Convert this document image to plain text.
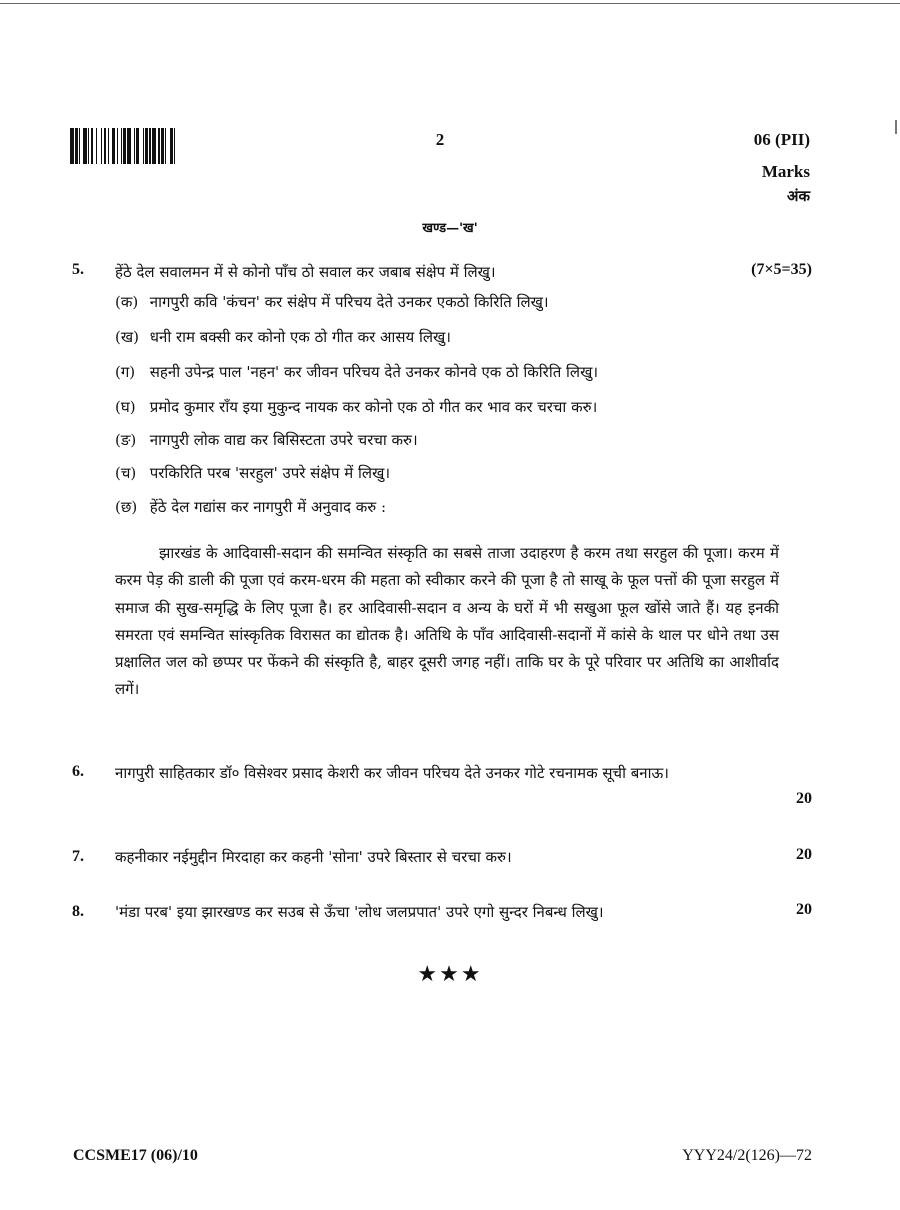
2	06 (PII)
Marks
अंक
खण्ड—'ख'
5. हेंठे देल सवालमन में से कोनो पाँच ठो सवाल कर जबाब संक्षेप में लिखु।	(7×5=35)
(क) नागपुरी कवि 'कंचन' कर संक्षेप में परिचय देते उनकर एकठो किरिति लिखु।
(ख) धनी राम बक्सी कर कोनो एक ठो गीत कर आसय लिखु।
(ग) सहनी उपेन्द्र पाल 'नहन' कर जीवन परिचय देते उनकर कोनवे एक ठो किरिति लिखु।
(घ) प्रमोद कुमार राँय इया मुकुन्द नायक कर कोनो एक ठो गीत कर भाव कर चरचा करु।
(ङ) नागपुरी लोक वाद्य कर बिसिस्टता उपरे चरचा करु।
(च) परकिरिति परब 'सरहुल' उपरे संक्षेप में लिखु।
(छ) हेंठे देल गद्यांस कर नागपुरी में अनुवाद करु :
झारखंड के आदिवासी-सदान की समन्वित संस्कृति का सबसे ताजा उदाहरण है करम तथा सरहुल की पूजा। करम में करम पेड़ की डाली की पूजा एवं करम-धरम की महता को स्वीकार करने की पूजा है तो साखू के फूल पत्तों की पूजा सरहुल में समाज की सुख-समृद्धि के लिए पूजा है। हर आदिवासी-सदान व अन्य के घरों में भी सखुआ फूल खोंसे जाते हैं। यह इनकी समरता एवं समन्वित सांस्कृतिक विरासत का द्योतक है। अतिथि के पाँव आदिवासी-सदानों में कांसे के थाल पर धोने तथा उस प्रक्षालित जल को छप्पर पर फेंकने की संस्कृति है, बाहर दूसरी जगह नहीं। ताकि घर के पूरे परिवार पर अतिथि का आशीर्वाद लगें।
6. नागपुरी साहितकार डॉ० विसेश्वर प्रसाद केशरी कर जीवन परिचय देते उनकर गोटे रचनामक सूची बनाऊ।
20
7. कहनीकार नईमुद्दीन मिरदाहा कर कहनी 'सोना' उपरे बिस्तार से चरचा करु।	20
8. 'मंडा परब' इया झारखण्ड कर सउब से ऊँचा 'लोध जलप्रपात' उपरे एगो सुन्दर निबन्ध लिखु।	20
★★★
CCSME17 (06)/10	YYY24/2(126)—72
